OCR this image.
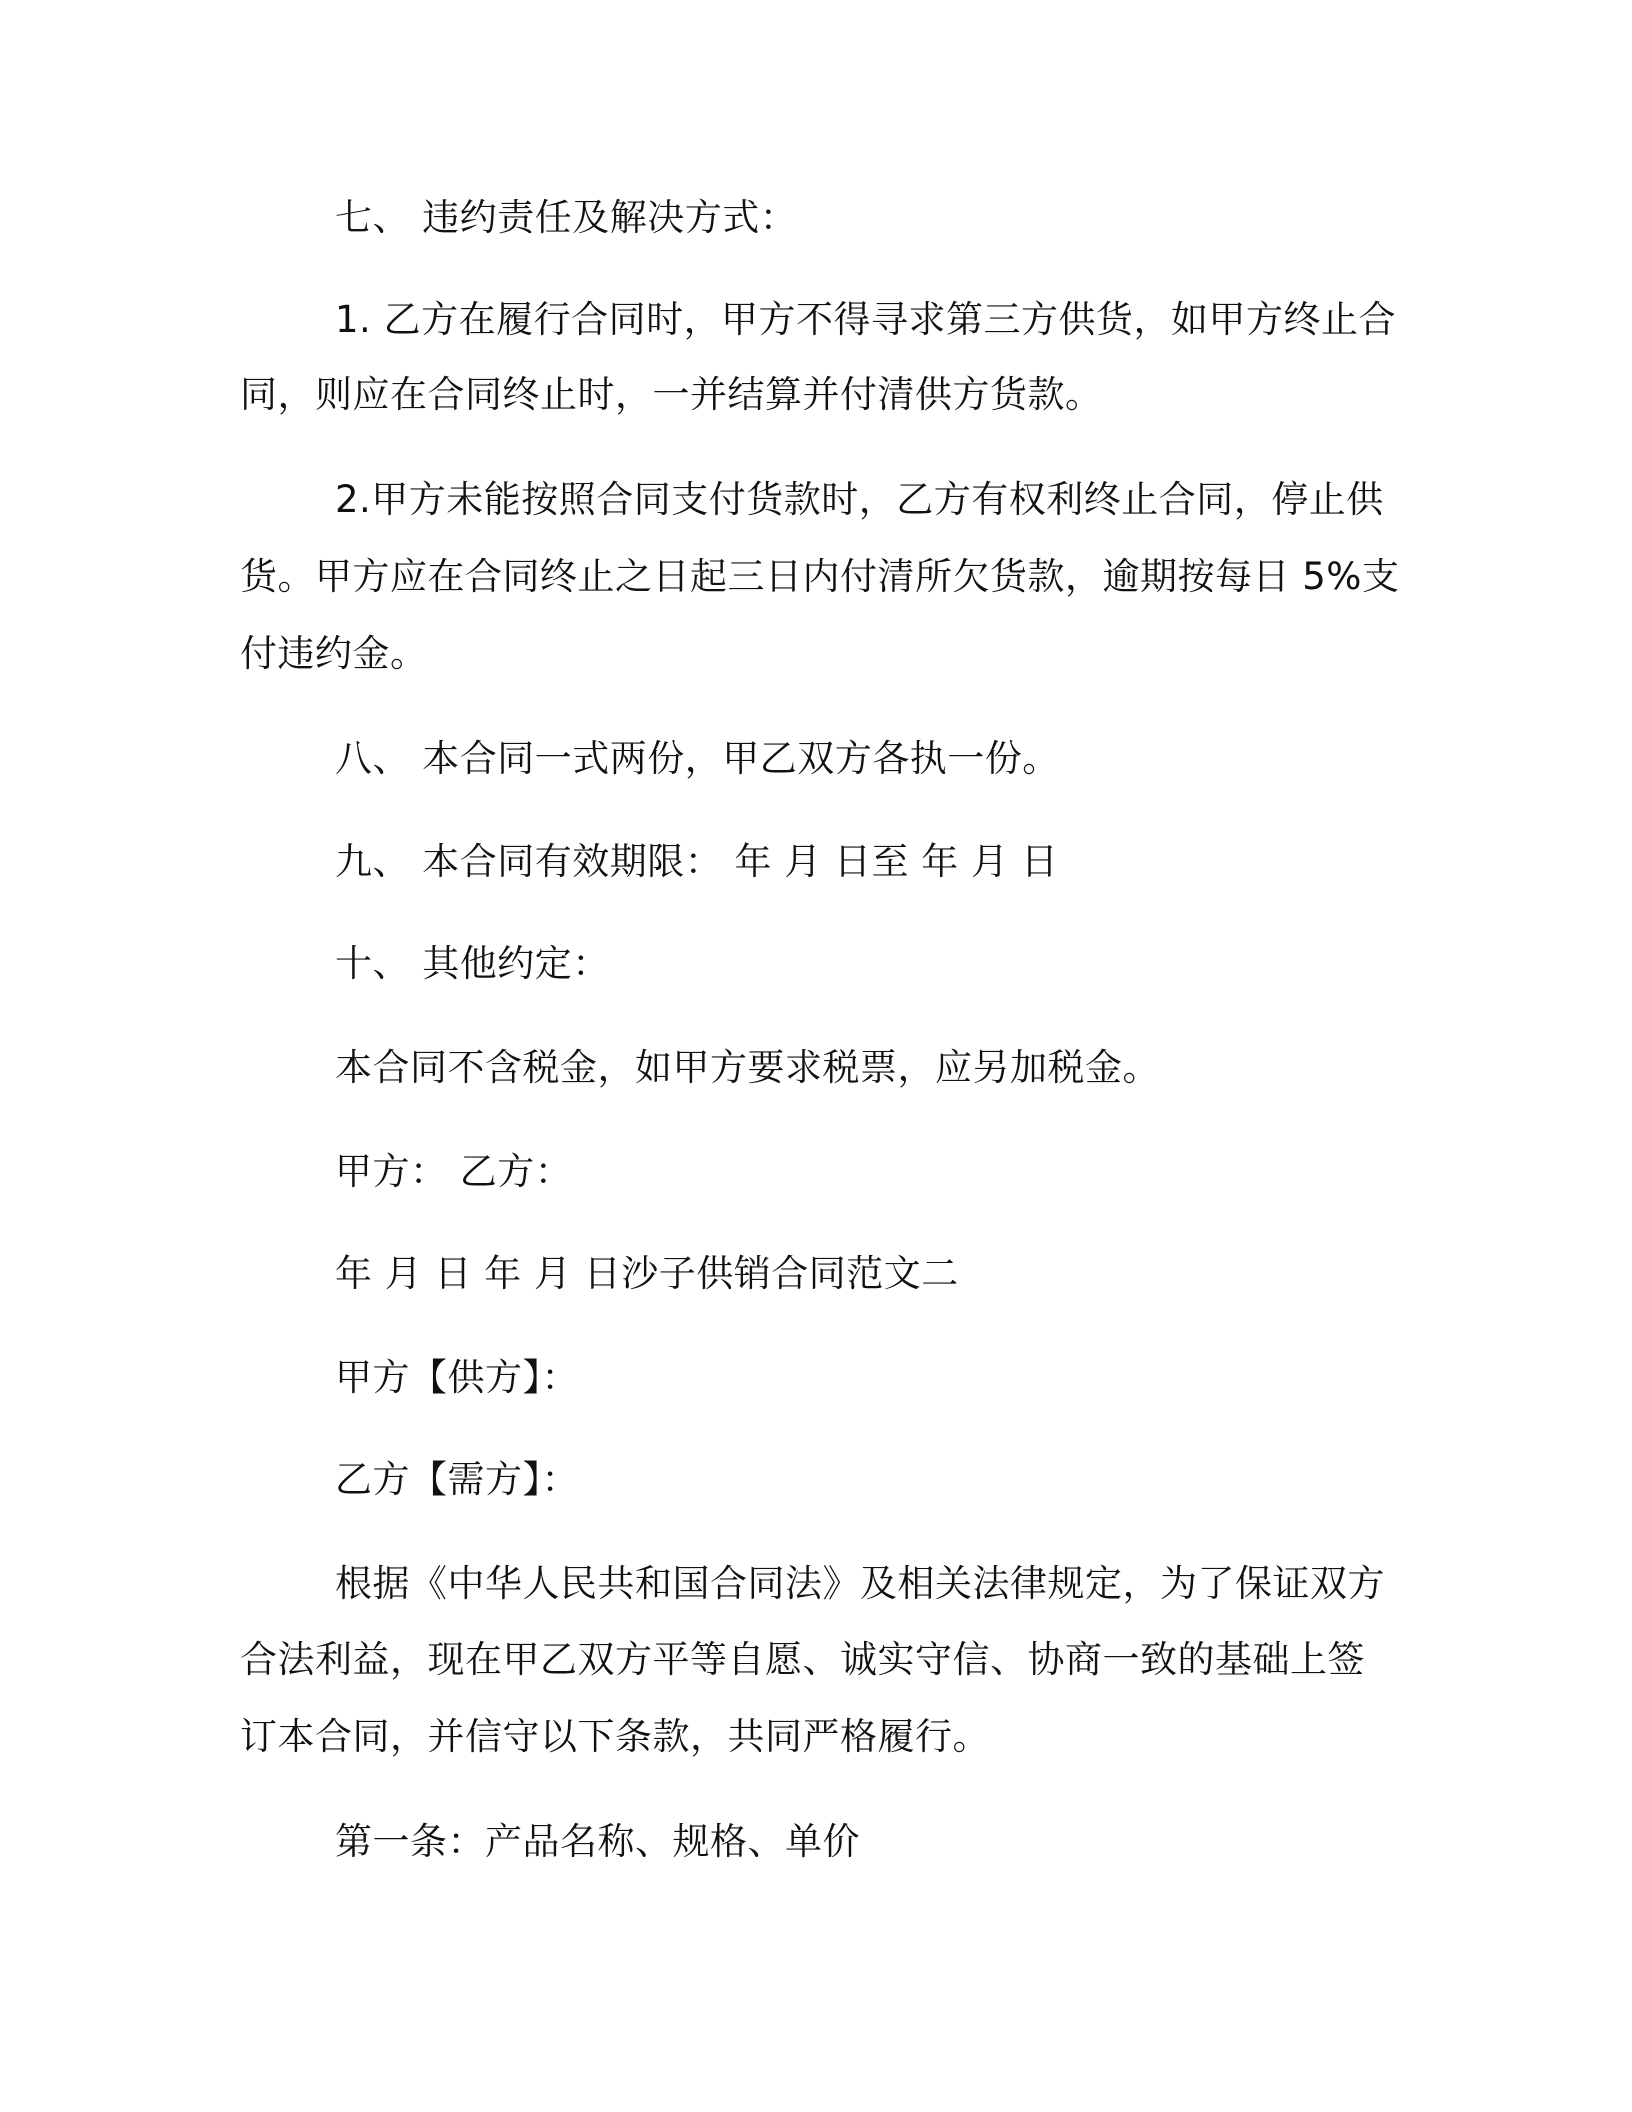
七、 违约责任及解决方式：
1. 乙方在履行合同时，甲方不得寻求第三方供货，如甲方终止合
同，则应在合同终止时，一并结算并付清供方货款。
2.甲方未能按照合同支付货款时，乙方有权利终止合同，停止供
货。甲方应在合同终止之日起三日内付清所欠货款，逾期按每日 5%支
付违约金。
八、 本合同一式两份，甲乙双方各执一份。
九、 本合同有效期限： 年 月 日至 年 月 日
十、 其他约定：
本合同不含税金，如甲方要求税票，应另加税金。
甲方： 乙方：
年 月 日 年 月 日沙子供销合同范文二
甲方【供方】：
乙方【需方】：
根据《中华人民共和国合同法》及相关法律规定，为了保证双方
合法利益，现在甲乙双方平等自愿、诚实守信、协商一致的基础上签
订本合同，并信守以下条款，共同严格履行。
第一条：产品名称、规格、单价
